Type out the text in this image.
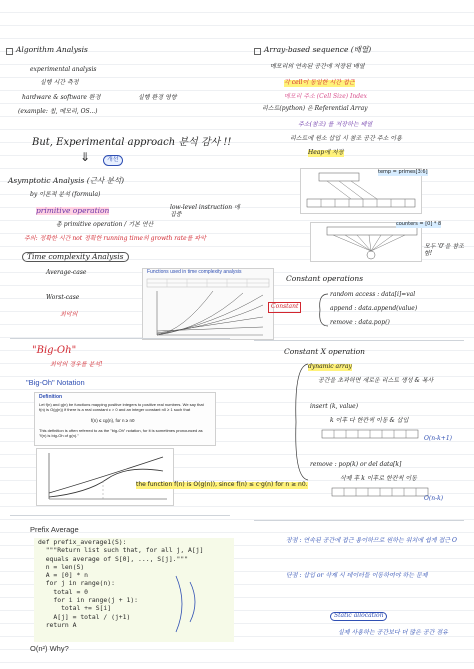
Algorithm Analysis
experimental analysis
실행 시간 측정
hardware & software 환경	실행 환경 영향
(example: 칩, 메모리, OS...)
But, Experimental approach 분석 감사 !!
⇓	개선
Asymptotic Analysis (근사 분석)
by 이론적 분석 (formula)
primitive operation	low-level instruction 에 집중
총 primitive operation / 기본 연산
주의: 정확한 시간 not 정확한 running time의 growth rate를 파악
Time complexity Analysis
Average-case
Worst-case
최악의
Functions used in time complexity analysis
"Big-Oh"
최악의 경우를 분석!
"Big-Oh" Notation
Definition
Let f(n) and g(n) be functions mapping positive integers to positive real numbers. We say that f(n) is O(g(n)) if there is a real constant c > 0 and an integer constant n0 ≥ 1 such that
f(n) ≤ cg(n), for n ≥ n0
This definition is often referred to as the "big-Oh" notation, for it is sometimes pronounced as "f(n) is big-Oh of g(n)."
the function f(n) is O(g(n)), since f(n) ≤ c·g(n) for n ≥ n0.
Prefix Average
def prefix_average1(S):
"""Return list such that, for all j, A[j]
equals average of S[0], ..., S[j]."""
n = len(S)
A = [0] * n
for j in range(n):
total = 0
for i in range(j + 1):
total += S[i]
A[j] = total / (j+1)
return A
O(n²) Why?
Array-based sequence (배열)
메모리의 연속된 공간에 저장된 배열
각 cell이 동일한 시간 접근
메모리 주소 (Cell Size) Index
리스트(python) 은 Referential Array
주소(참조) 를 저장하는 배열
리스트에 원소 삽입 시 참조 공간 주소 이용
Heap에 저장
temp = primes[3:6]
counters = [0] * 8
모두 '0'을 참조함!
Constant operations
Constant
random access : data[i]=val
append : data.append(value)
remove : data.pop()
Constant X operation
dynamic array
공간을 초과하면 새로운 리스트 생성 & 복사
insert (k, value)
k 이후 다 한칸씩 이동 & 삽입
O(n-k+1)
remove : pop(k) or del data[k]
삭제 후 k 이후로 한칸씩 이동
O(n-k)
장점 : 연속된 공간에 접근 용이하므로 원하는 위치에 쉽게 접근 O
단점 : 삽입 or 삭제 시 데이터들 이동하여야 하는 문제
Static allocation
실제 사용하는 공간보다 더 많은 공간 점유
